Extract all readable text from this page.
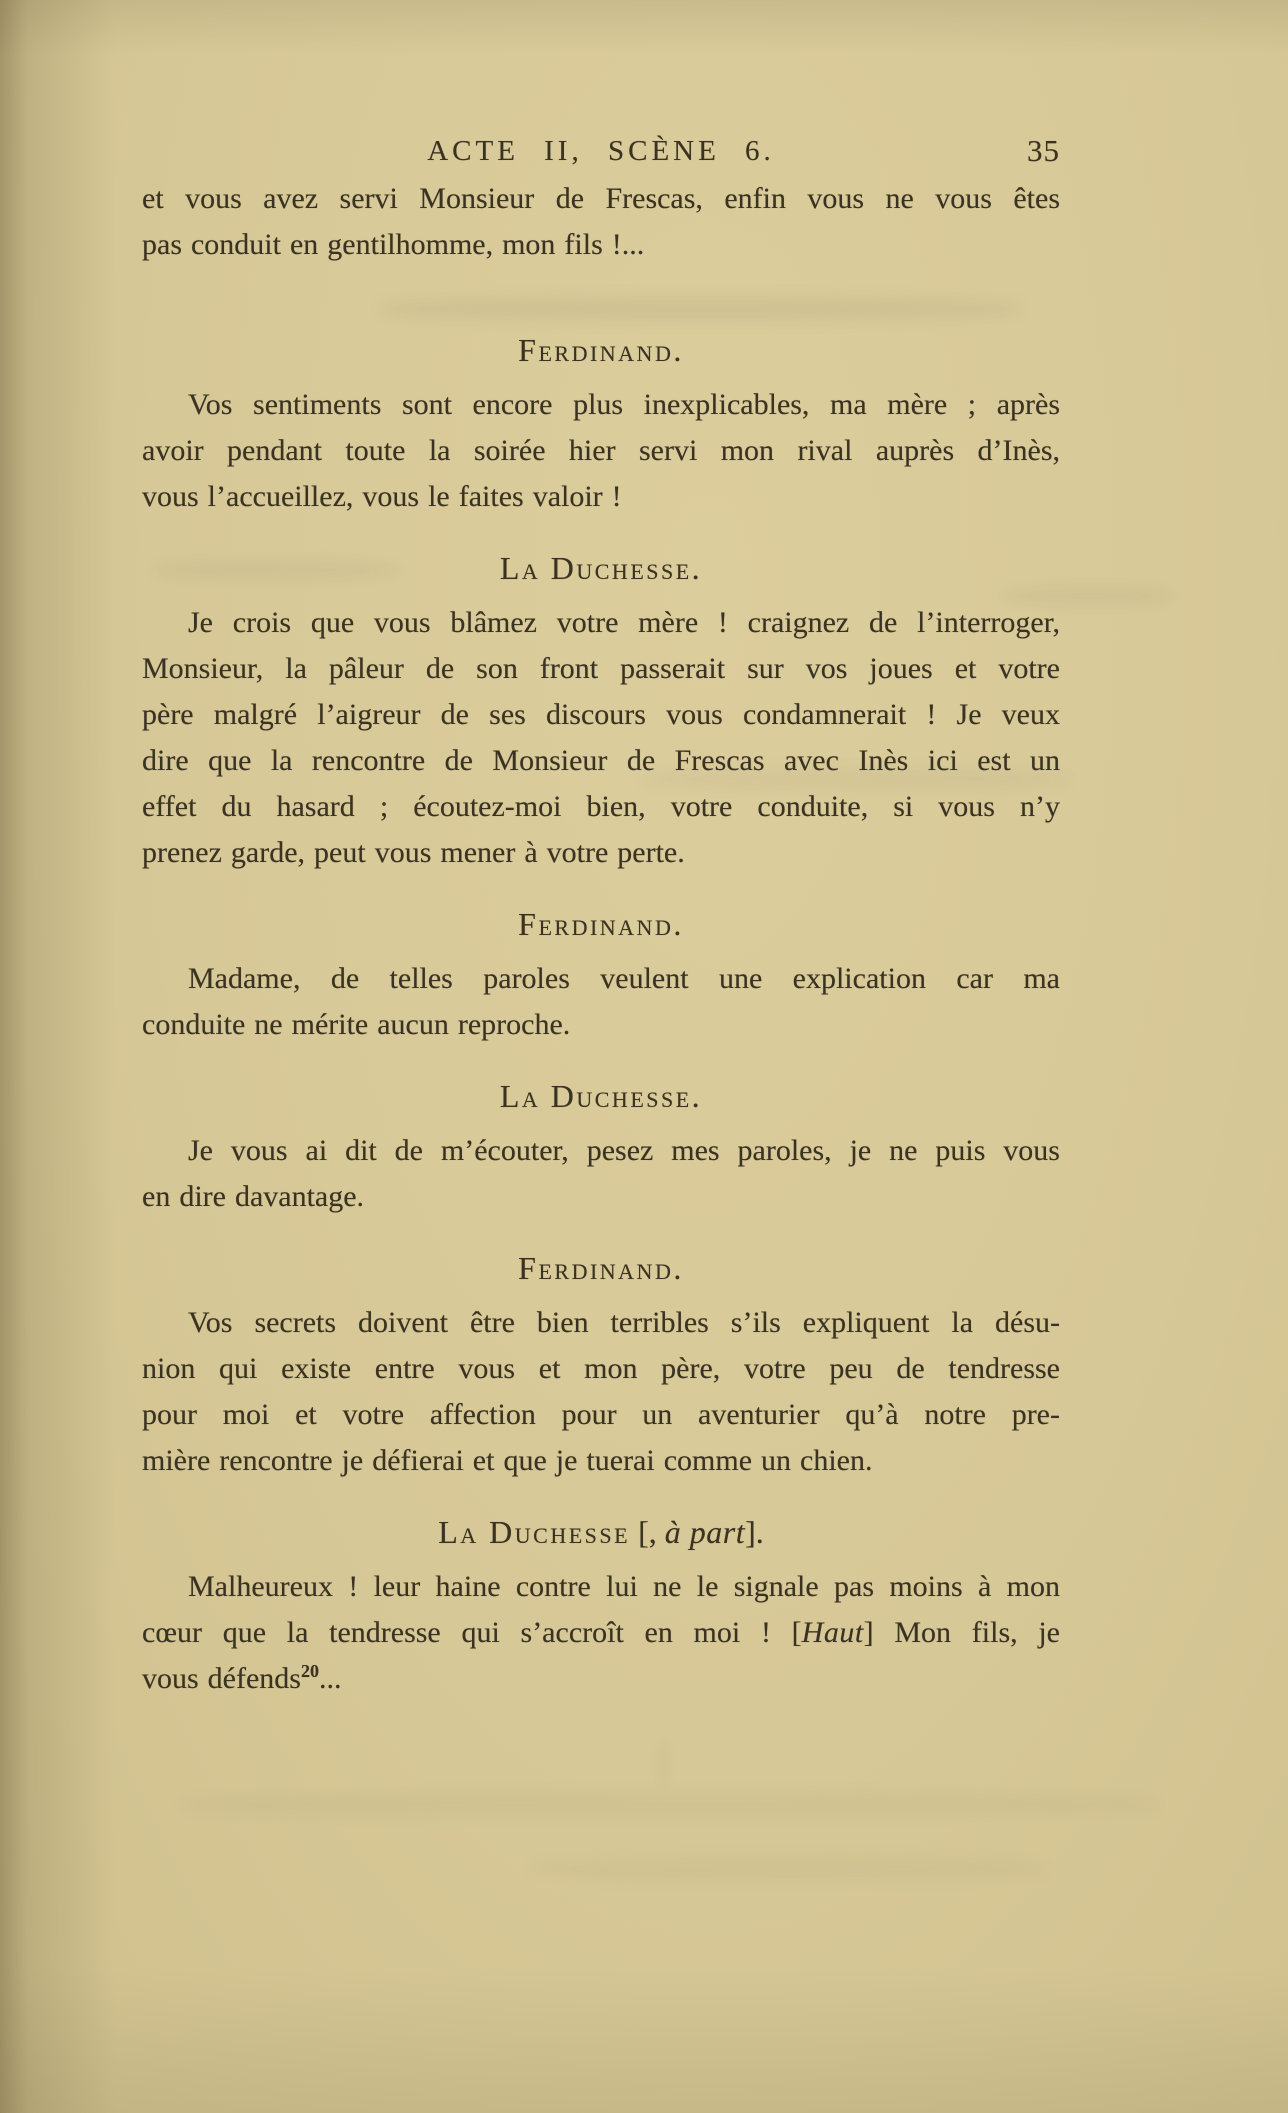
ACTE II, SCÈNE 6.	35
et vous avez servi Monsieur de Frescas, enfin vous ne vous êtes
pas conduit en gentilhomme, mon fils !...
Ferdinand.
Vos sentiments sont encore plus inexplicables, ma mère ; après
avoir pendant toute la soirée hier servi mon rival auprès d’Inès,
vous l’accueillez, vous le faites valoir !
La Duchesse.
Je crois que vous blâmez votre mère ! craignez de l’interroger,
Monsieur, la pâleur de son front passerait sur vos joues et votre
père malgré l’aigreur de ses discours vous condamnerait ! Je veux
dire que la rencontre de Monsieur de Frescas avec Inès ici est un
effet du hasard ; écoutez-moi bien, votre conduite, si vous n’y
prenez garde, peut vous mener à votre perte.
Ferdinand.
Madame, de telles paroles veulent une explication car ma
conduite ne mérite aucun reproche.
La Duchesse.
Je vous ai dit de m’écouter, pesez mes paroles, je ne puis vous
en dire davantage.
Ferdinand.
Vos secrets doivent être bien terribles s’ils expliquent la désu-
nion qui existe entre vous et mon père, votre peu de tendresse
pour moi et votre affection pour un aventurier qu’à notre pre-
mière rencontre je défierai et que je tuerai comme un chien.
La Duchesse [, à part].
Malheureux ! leur haine contre lui ne le signale pas moins à mon
cœur que la tendresse qui s’accroît en moi ! [Haut] Mon fils, je
vous défends$^{20}$...
